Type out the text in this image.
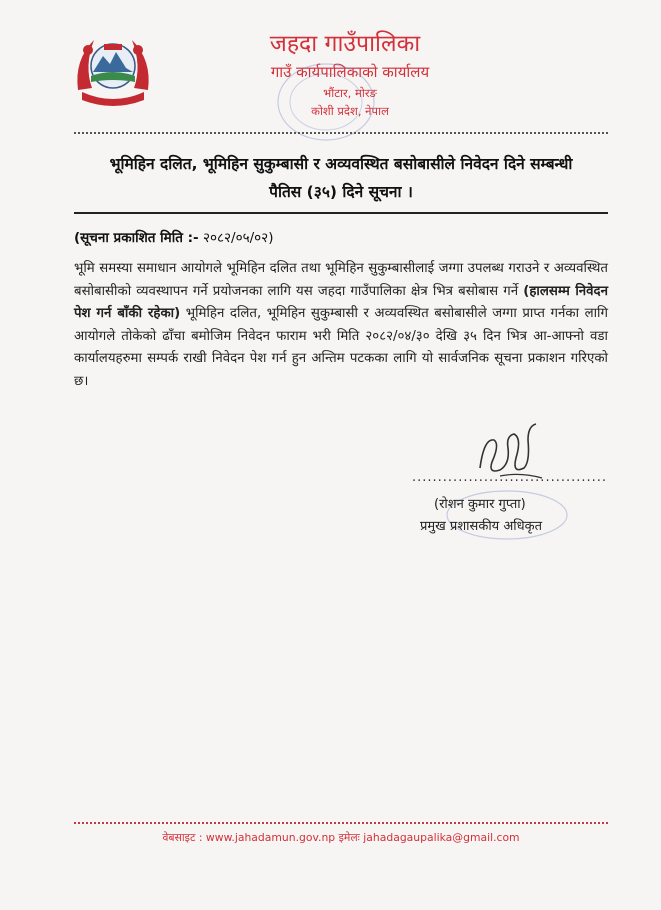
जहदा गाउँपालिका
गाउँ कार्यपालिकाको कार्यालय
भौंटार, मोरङ
कोशी प्रदेश, नेपाल
भूमिहिन दलित, भूमिहिन सुकुम्बासी र अव्यवस्थित बसोबासीले निवेदन दिने सम्बन्धी
पैतिस (३५) दिने सूचना ।
(सूचना प्रकाशित मिति :- २०८२/०५/०२)
भूमि समस्या समाधान आयोगले भूमिहिन दलित तथा भूमिहिन सुकुम्बासीलाई जग्गा उपलब्ध गराउने र अव्यवस्थित बसोबासीको व्यवस्थापन गर्ने प्रयोजनका लागि यस जहदा गाउँपालिका क्षेत्र भित्र बसोबास गर्ने (हालसम्म निवेदन पेश गर्न बाँकी रहेका) भूमिहिन दलित, भूमिहिन सुकुम्बासी र अव्यवस्थित बसोबासीले जग्गा प्राप्त गर्नका लागि आयोगले तोकेको ढाँचा बमोजिम निवेदन फाराम भरी मिति २०८२/०४/३० देखि ३५ दिन भित्र आ-आफ्नो वडा कार्यालयहरुमा सम्पर्क राखी निवेदन पेश गर्न हुन अन्तिम पटकका लागि यो सार्वजनिक सूचना प्रकाशन गरिएको छ।
......................................
(रोशन कुमार गुप्ता)
प्रमुख प्रशासकीय अधिकृत
वेबसाइट : www.jahadamun.gov.np इमेलः jahadagaupalika@gmail.com
